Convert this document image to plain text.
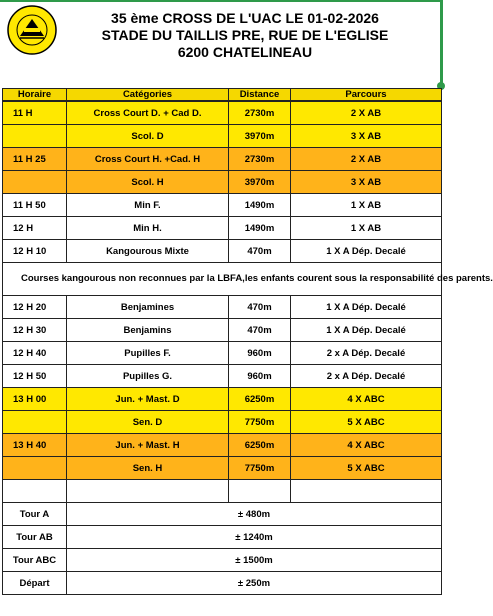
35 ème CROSS DE L'UAC LE 01-02-2026
STADE DU TAILLIS PRE, RUE DE L'EGLISE
6200 CHATELINEAU
Horaire	Catégories	Distance	Parcours
11 H	Cross Court D. + Cad D.	2730m	2 X AB
	Scol. D	3970m	3 X AB
11 H 25	Cross Court H. +Cad. H	2730m	2 X AB
	Scol. H	3970m	3 X AB
11 H 50	Min F.	1490m	1 X AB
12 H	Min H.	1490m	1 X AB
12 H 10	Kangourous Mixte	470m	1 X A Dép. Decalé
Courses kangourous non reconnues par la LBFA,les enfants courent sous la responsabilité des parents.			
12 H 20	Benjamines	470m	1 X A Dép. Decalé
12 H 30	Benjamins	470m	1 X A Dép. Decalé
12 H 40	Pupilles F.	960m	2 x A Dép. Decalé
12 H 50	Pupilles G.	960m	2 x A Dép. Decalé
13 H 00	Jun. + Mast. D	6250m	4 X ABC
	Sen. D	7750m	5 X ABC
13 H 40	Jun. + Mast. H	6250m	4 X ABC
	Sen. H	7750m	5 X ABC

Tour A	± 480m		
Tour AB	± 1240m		
Tour ABC	± 1500m		
Départ	± 250m		
